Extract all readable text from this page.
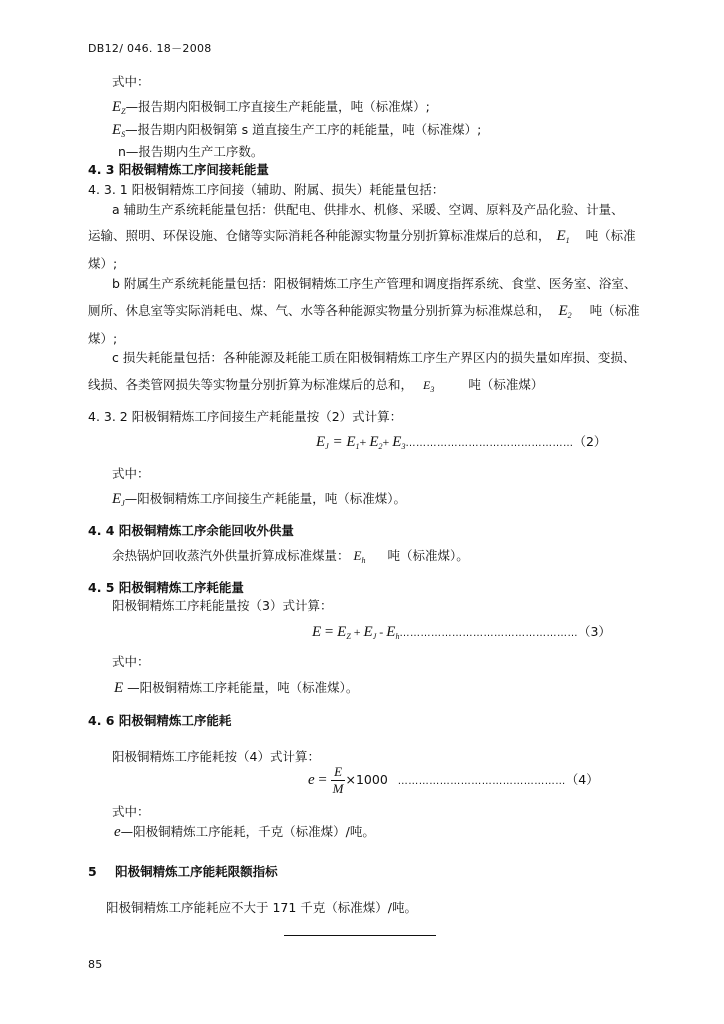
DB12/ 046. 18－2008
式中：
$E_Z—$报告期内阳极铜工序直接生产耗能量，吨（标准煤）;
$E_S—$报告期内阳极铜第 s 道直接生产工序的耗能量，吨（标准煤）;
n—报告期内生产工序数。
4. 3 阳极铜精炼工序间接耗能量
4. 3. 1 阳极铜精炼工序间接（辅助、附属、损失）耗能量包括：
a 辅助生产系统耗能量包括：供配电、供排水、机修、采暖、空调、原料及产品化验、计量、
运输、照明、环保设施、仓储等实际消耗各种能源实物量分别折算标准煤后的总和， $E_1$ 吨（标准
煤）;
b 附属生产系统耗能量包括：阳极铜精炼工序生产管理和调度指挥系统、食堂、医务室、浴室、
厕所、休息室等实际消耗电、煤、气、水等各种能源实物量分别折算为标准煤总和， $E_2$ 吨（标准
煤）;
c 损失耗能量包括：各种能源及耗能工质在阳极铜精炼工序生产界区内的损失量如库损、变损、
线损、各类管网损失等实物量分别折算为标准煤后的总和， $E_3$	吨（标准煤）
4. 3. 2 阳极铜精炼工序间接生产耗能量按（2）式计算：
$E_J = E_1+ E_2+$ $E_3\dots\dots\dots\dots\dots\dots\dots\dots\dots\dots\dots\dots\dots\dots\dots\dots(2)$
式中：
$E_J—$阳极铜精炼工序间接生产耗能量，吨（标准煤）。
4. 4 阳极铜精炼工序余能回收外供量
余热锅炉回收蒸汽外供量折算成标准煤量： $E_h$ 吨（标准煤）。
4. 5 阳极铜精炼工序耗能量
阳极铜精炼工序耗能量按（3）式计算：
$E = E_Z + E_J$ - $E_h\dots\dots\dots\dots\dots\dots\dots\dots\dots\dots\dots\dots\dots\dots\dots\dots\dots(3)$
式中：
E —阳极铜精炼工序耗能量，吨（标准煤）。
4. 6 阳极铜精炼工序能耗
阳极铜精炼工序能耗按（4）式计算：
$e = \frac{E}{M} \times 1000$ …………………………………………（4）
式中：
e—阳极铜精炼工序能耗，千克（标准煤）/吨。
5 阳极铜精炼工序能耗限额指标
阳极铜精炼工序能耗应不大于 171 千克（标准煤）/吨。
85
